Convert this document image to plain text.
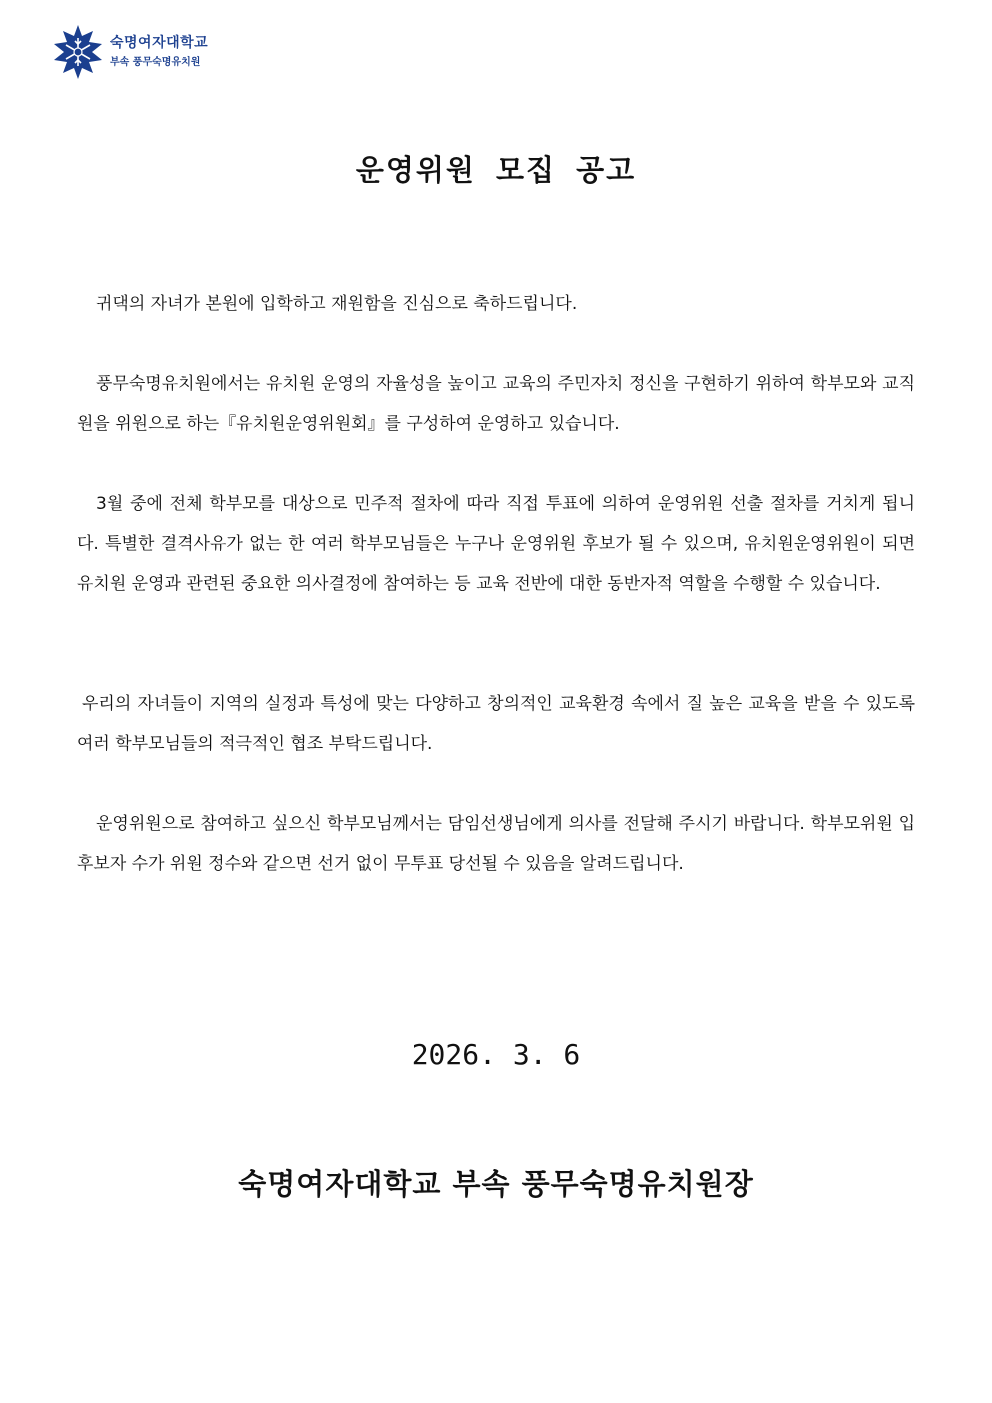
숙명여자대학교
부속 풍무숙명유치원
운영위원 모집 공고

귀댁의 자녀가 본원에 입학하고 재원함을 진심으로 축하드립니다.

풍무숙명유치원에서는 유치원 운영의 자율성을 높이고 교육의 주민자치 정신을 구현하기 위하여 학부모와 교직원을 위원으로 하는『유치원운영위원회』를 구성하여 운영하고 있습니다.

3월 중에 전체 학부모를 대상으로 민주적 절차에 따라 직접 투표에 의하여 운영위원 선출 절차를 거치게 됩니다. 특별한 결격사유가 없는 한 여러 학부모님들은 누구나 운영위원 후보가 될 수 있으며, 유치원운영위원이 되면 유치원 운영과 관련된 중요한 의사결정에 참여하는 등 교육 전반에 대한 동반자적 역할을 수행할 수 있습니다.

우리의 자녀들이 지역의 실정과 특성에 맞는 다양하고 창의적인 교육환경 속에서 질 높은 교육을 받을 수 있도록 여러 학부모님들의 적극적인 협조 부탁드립니다.

운영위원으로 참여하고 싶으신 학부모님께서는 담임선생님에게 의사를 전달해 주시기 바랍니다. 학부모위원 입후보자 수가 위원 정수와 같으면 선거 없이 무투표 당선될 수 있음을 알려드립니다.

2026. 3. 6
숙명여자대학교 부속 풍무숙명유치원장
